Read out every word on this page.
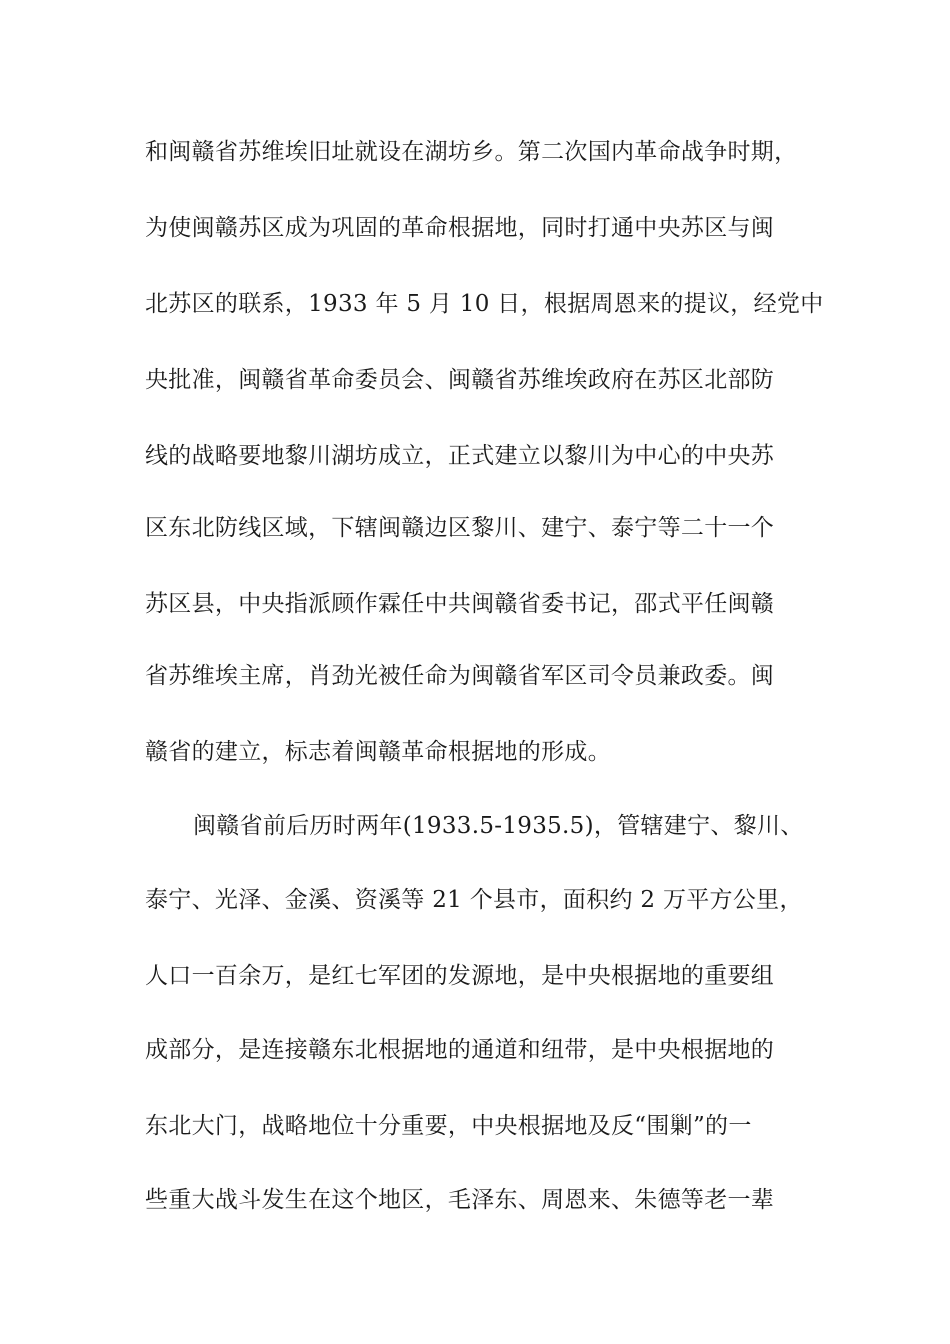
和闽赣省苏维埃旧址就设在湖坊乡。第二次国内革命战争时期，
为使闽赣苏区成为巩固的革命根据地，同时打通中央苏区与闽
北苏区的联系，1933 年 5 月 10 日，根据周恩来的提议，经党中
央批准，闽赣省革命委员会、闽赣省苏维埃政府在苏区北部防
线的战略要地黎川湖坊成立，正式建立以黎川为中心的中央苏
区东北防线区域，下辖闽赣边区黎川、建宁、泰宁等二十一个
苏区县，中央指派顾作霖任中共闽赣省委书记，邵式平任闽赣
省苏维埃主席，肖劲光被任命为闽赣省军区司令员兼政委。闽
赣省的建立，标志着闽赣革命根据地的形成。
闽赣省前后历时两年(1933.5-1935.5)，管辖建宁、黎川、
泰宁、光泽、金溪、资溪等 21 个县市，面积约 2 万平方公里，
人口一百余万，是红七军团的发源地，是中央根据地的重要组
成部分，是连接赣东北根据地的通道和纽带，是中央根据地的
东北大门，战略地位十分重要，中央根据地及反“围剿”的一
些重大战斗发生在这个地区，毛泽东、周恩来、朱德等老一辈
